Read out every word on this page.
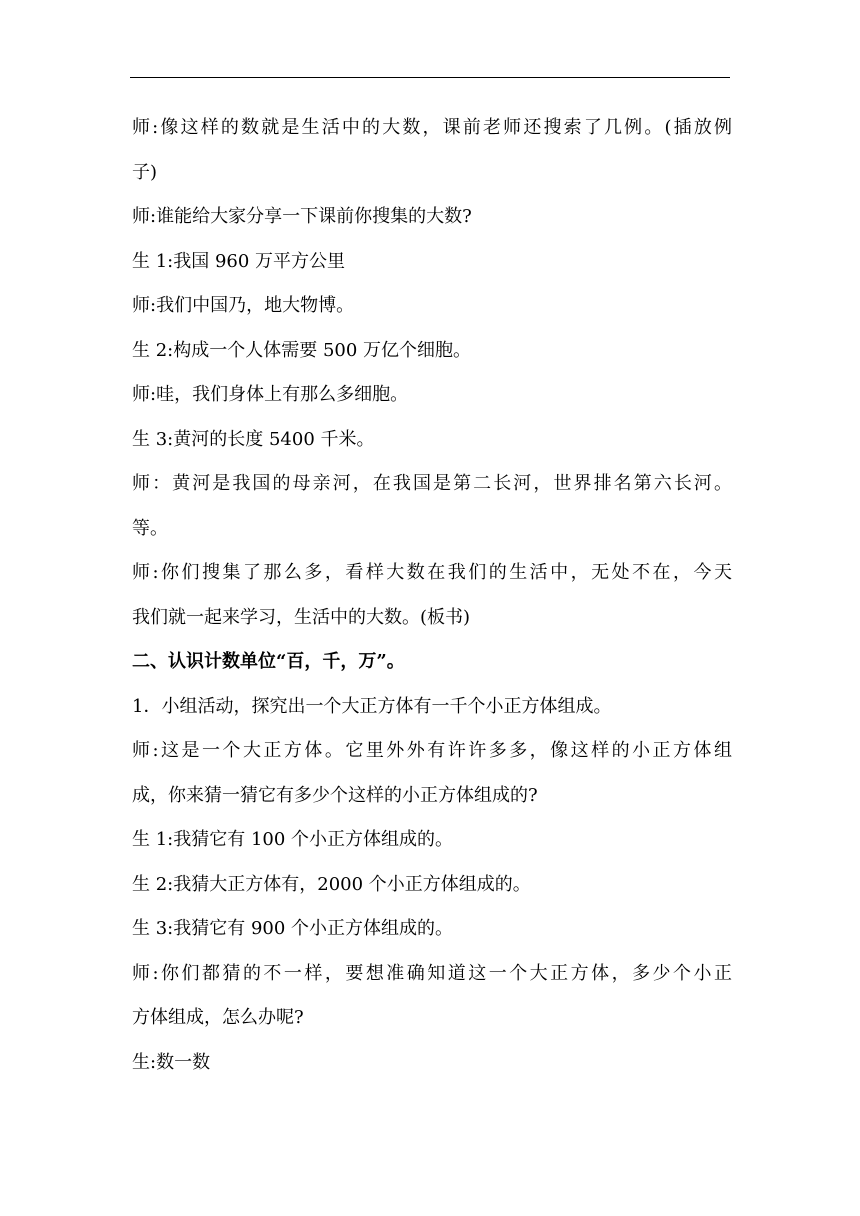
师:像这样的数就是生活中的大数，课前老师还搜索了几例。(插放例
子)
师:谁能给大家分享一下课前你搜集的大数?
生 1:我国 960 万平方公里
师:我们中国乃，地大物博。
生 2:构成一个人体需要 500 万亿个细胞。
师:哇，我们身体上有那么多细胞。
生 3:黄河的长度 5400 千米。
师：黄河是我国的母亲河，在我国是第二长河，世界排名第六长河。
等。
师:你们搜集了那么多，看样大数在我们的生活中，无处不在，今天
我们就一起来学习，生活中的大数。(板书)
二、认识计数单位“百，千，万”。
1．小组活动，探究出一个大正方体有一千个小正方体组成。
师:这是一个大正方体。它里外外有许许多多，像这样的小正方体组
成，你来猜一猜它有多少个这样的小正方体组成的?
生 1:我猜它有 100 个小正方体组成的。
生 2:我猜大正方体有，2000 个小正方体组成的。
生 3:我猜它有 900 个小正方体组成的。
师:你们都猜的不一样，要想准确知道这一个大正方体，多少个小正
方体组成，怎么办呢?
生:数一数
